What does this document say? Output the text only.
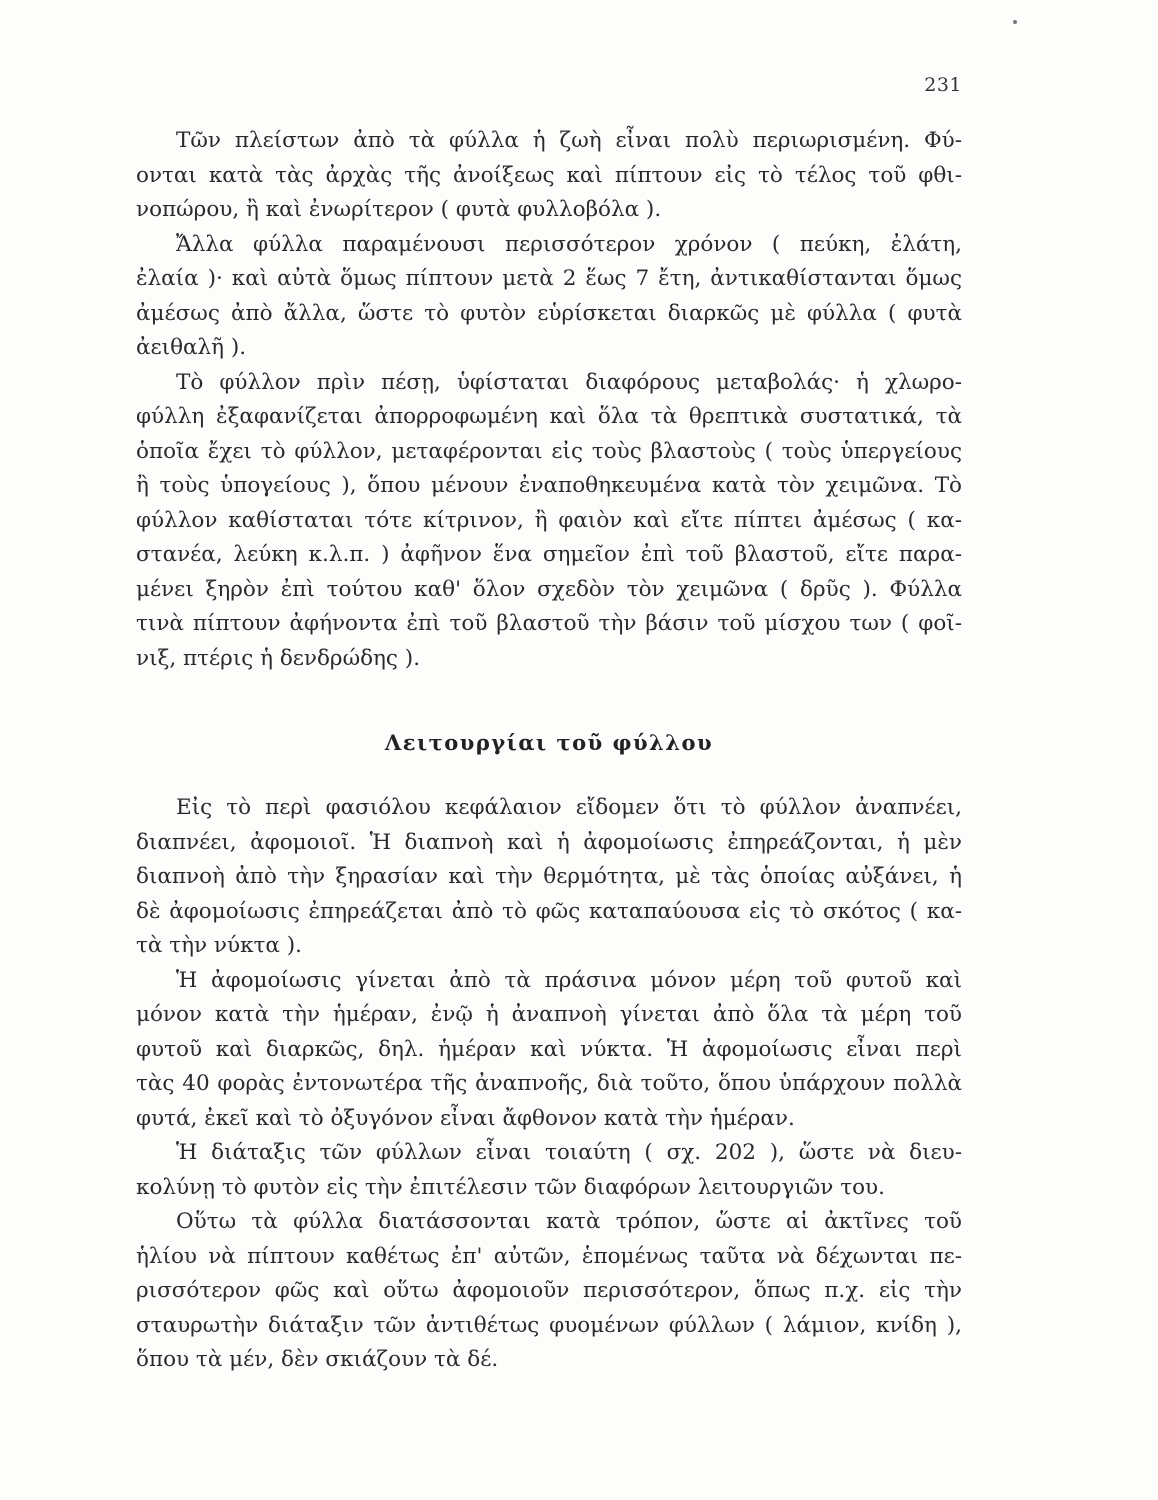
231
Τῶν πλείστων ἀπὸ τὰ φύλλα ἡ ζωὴ εἶναι πολὺ περιωρισμένη. Φύ-
ονται κατὰ τὰς ἀρχὰς τῆς ἀνοίξεως καὶ πίπτουν εἰς τὸ τέλος τοῦ φθι-
νοπώρου, ἢ καὶ ἐνωρίτερον ( φυτὰ φυλλοβόλα ).
Ἄλλα φύλλα παραμένουσι περισσότερον χρόνον ( πεύκη, ἐλάτη,
ἐλαία )· καὶ αὐτὰ ὅμως πίπτουν μετὰ 2 ἕως 7 ἔτη, ἀντικαθίστανται ὅμως
ἀμέσως ἀπὸ ἄλλα, ὥστε τὸ φυτὸν εὑρίσκεται διαρκῶς μὲ φύλλα ( φυτὰ
ἀειθαλῆ ).
Τὸ φύλλον πρὶν πέσῃ, ὑφίσταται διαφόρους μεταβολάς· ἡ χλωρο-
φύλλη ἐξαφανίζεται ἀπορροφωμένη καὶ ὅλα τὰ θρεπτικὰ συστατικά, τὰ
ὁποῖα ἔχει τὸ φύλλον, μεταφέρονται εἰς τοὺς βλαστοὺς ( τοὺς ὑπεργείους
ἢ τοὺς ὑπογείους ), ὅπου μένουν ἐναποθηκευμένα κατὰ τὸν χειμῶνα. Τὸ
φύλλον καθίσταται τότε κίτρινον, ἢ φαιὸν καὶ εἴτε πίπτει ἀμέσως ( κα-
στανέα, λεύκη κ.λ.π. ) ἀφῆνον ἕνα σημεῖον ἐπὶ τοῦ βλαστοῦ, εἴτε παρα-
μένει ξηρὸν ἐπὶ τούτου καθ' ὅλον σχεδὸν τὸν χειμῶνα ( δρῦς ). Φύλλα
τινὰ πίπτουν ἀφήνοντα ἐπὶ τοῦ βλαστοῦ τὴν βάσιν τοῦ μίσχου των ( φοῖ-
νιξ, πτέρις ἡ δενδρώδης ).
Λειτουργίαι τοῦ φύλλου
Εἰς τὸ περὶ φασιόλου κεφάλαιον εἴδομεν ὅτι τὸ φύλλον ἀναπνέει,
διαπνέει, ἀφομοιοῖ. Ἡ διαπνοὴ καὶ ἡ ἀφομοίωσις ἐπηρεάζονται, ἡ μὲν
διαπνοὴ ἀπὸ τὴν ξηρασίαν καὶ τὴν θερμότητα, μὲ τὰς ὁποίας αὐξάνει, ἡ
δὲ ἀφομοίωσις ἐπηρεάζεται ἀπὸ τὸ φῶς καταπαύουσα εἰς τὸ σκότος ( κα-
τὰ τὴν νύκτα ).
Ἡ ἀφομοίωσις γίνεται ἀπὸ τὰ πράσινα μόνον μέρη τοῦ φυτοῦ καὶ
μόνον κατὰ τὴν ἡμέραν, ἐνῷ ἡ ἀναπνοὴ γίνεται ἀπὸ ὅλα τὰ μέρη τοῦ
φυτοῦ καὶ διαρκῶς, δηλ. ἡμέραν καὶ νύκτα. Ἡ ἀφομοίωσις εἶναι περὶ
τὰς 40 φορὰς ἐντονωτέρα τῆς ἀναπνοῆς, διὰ τοῦτο, ὅπου ὑπάρχουν πολλὰ
φυτά, ἐκεῖ καὶ τὸ ὀξυγόνον εἶναι ἄφθονον κατὰ τὴν ἡμέραν.
Ἡ διάταξις τῶν φύλλων εἶναι τοιαύτη ( σχ. 202 ), ὥστε νὰ διευ-
κολύνῃ τὸ φυτὸν εἰς τὴν ἐπιτέλεσιν τῶν διαφόρων λειτουργιῶν του.
Οὕτω τὰ φύλλα διατάσσονται κατὰ τρόπον, ὥστε αἱ ἀκτῖνες τοῦ
ἡλίου νὰ πίπτουν καθέτως ἐπ' αὐτῶν, ἑπομένως ταῦτα νὰ δέχωνται πε-
ρισσότερον φῶς καὶ οὕτω ἀφομοιοῦν περισσότερον, ὅπως π.χ. εἰς τὴν
σταυρωτὴν διάταξιν τῶν ἀντιθέτως φυομένων φύλλων ( λάμιον, κνίδη ),
ὅπου τὰ μέν, δὲν σκιάζουν τὰ δέ.
